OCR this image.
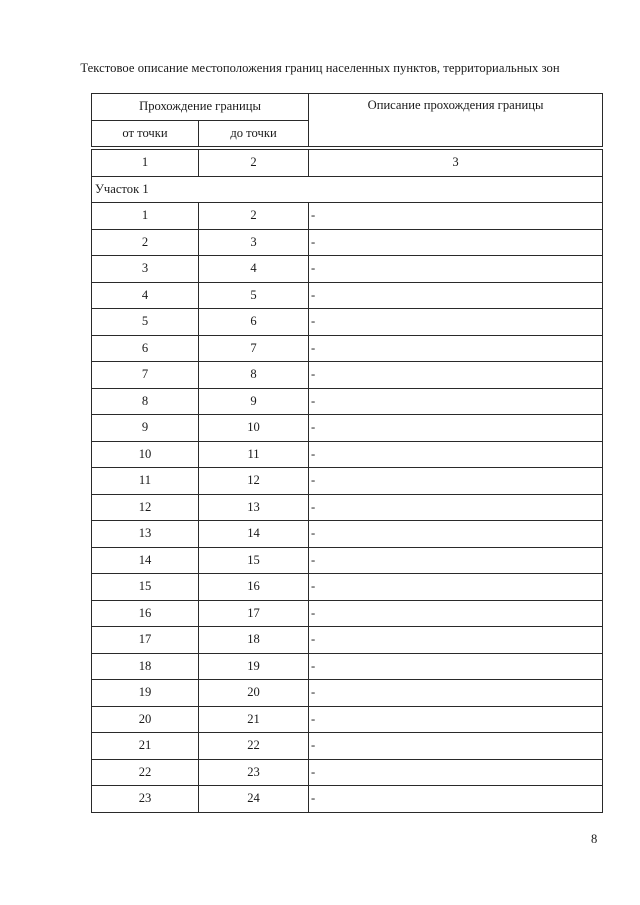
Текстовое описание местоположения границ населенных пунктов, территориальных зон
Прохождение границы		Описание прохождения границы
от точки	до точки	

1	2	3
Участок 1		
1	2	-
2	3	-
3	4	-
4	5	-
5	6	-
6	7	-
7	8	-
8	9	-
9	10	-
10	11	-
11	12	-
12	13	-
13	14	-
14	15	-
15	16	-
16	17	-
17	18	-
18	19	-
19	20	-
20	21	-
21	22	-
22	23	-
23	24	-
8
